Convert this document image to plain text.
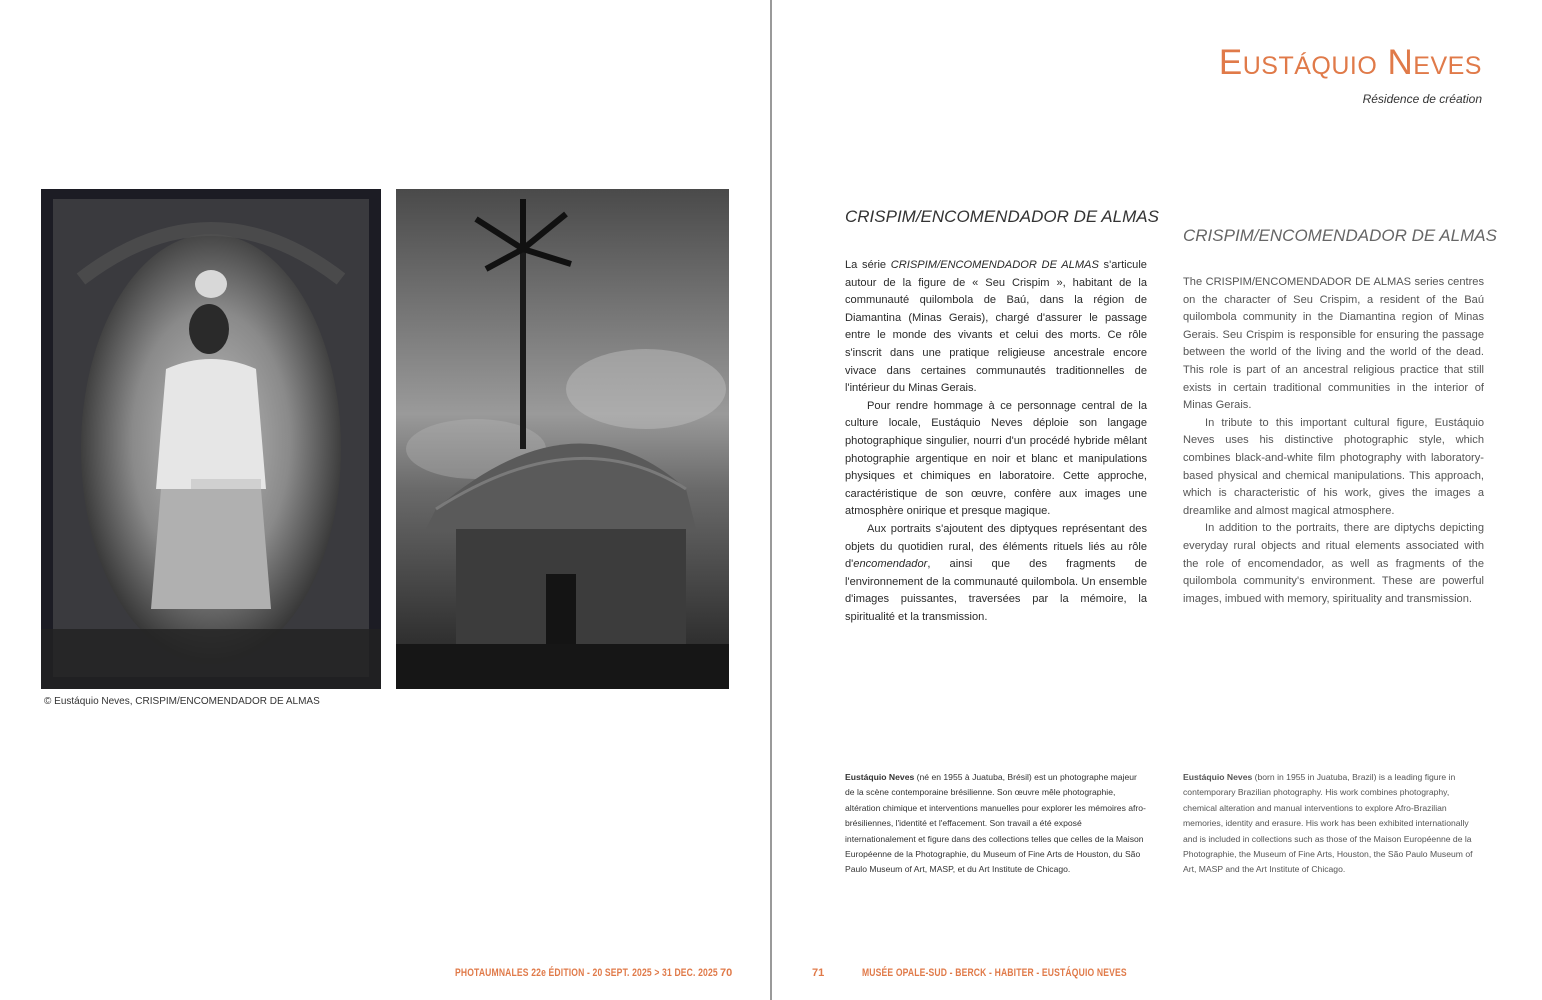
© Eustáquio Neves, CRISPIM/ENCOMENDADOR DE ALMAS
PHOTAUMNALES 22e ÉDITION - 20 SEPT. 2025 > 31 DEC. 2025 70
Eustáquio Neves
Résidence de création
CRISPIM/ENCOMENDADOR DE ALMAS
CRISPIM/ENCOMENDADOR DE ALMAS

La série CRISPIM/ENCOMENDADOR DE ALMAS s'articule autour de la figure de « Seu Crispim », habitant de la communauté quilombola de Baú, dans la région de Diamantina (Minas Gerais), chargé d'assurer le passage entre le monde des vivants et celui des morts. Ce rôle s'inscrit dans une pratique religieuse ancestrale encore vivace dans certaines communautés traditionnelles de l'intérieur du Minas Gerais.

Pour rendre hommage à ce personnage central de la culture locale, Eustáquio Neves déploie son langage photographique singulier, nourri d'un procédé hybride mêlant photographie argentique en noir et blanc et manipulations physiques et chimiques en laboratoire. Cette approche, caractéristique de son œuvre, confère aux images une atmosphère onirique et presque magique.

Aux portraits s'ajoutent des diptyques représentant des objets du quotidien rural, des éléments rituels liés au rôle d'encomendador, ainsi que des fragments de l'environnement de la communauté quilombola. Un ensemble d'images puissantes, traversées par la mémoire, la spiritualité et la transmission.

The CRISPIM/ENCOMENDADOR DE ALMAS series centres on the character of Seu Crispim, a resident of the Baú quilombola community in the Diamantina region of Minas Gerais. Seu Crispim is responsible for ensuring the passage between the world of the living and the world of the dead. This role is part of an ancestral religious practice that still exists in certain traditional communities in the interior of Minas Gerais.

In tribute to this important cultural figure, Eustáquio Neves uses his distinctive photographic style, which combines black-and-white film photography with laboratory-based physical and chemical manipulations. This approach, which is characteristic of his work, gives the images a dreamlike and almost magical atmosphere.

In addition to the portraits, there are diptychs depicting everyday rural objects and ritual elements associated with the role of encomendador, as well as fragments of the quilombola community's environment. These are powerful images, imbued with memory, spirituality and transmission.

Eustáquio Neves (né en 1955 à Juatuba, Brésil) est un photographe majeur de la scène contemporaine brésilienne. Son œuvre mêle photographie, altération chimique et interventions manuelles pour explorer les mémoires afro-brésiliennes, l'identité et l'effacement. Son travail a été exposé internationalement et figure dans des collections telles que celles de la Maison Européenne de la Photographie, du Museum of Fine Arts de Houston, du São Paulo Museum of Art, MASP, et du Art Institute de Chicago.
Eustáquio Neves (born in 1955 in Juatuba, Brazil) is a leading figure in contemporary Brazilian photography. His work combines photography, chemical alteration and manual interventions to explore Afro-Brazilian memories, identity and erasure. His work has been exhibited internationally and is included in collections such as those of the Maison Européenne de la Photographie, the Museum of Fine Arts, Houston, the São Paulo Museum of Art, MASP and the Art Institute of Chicago.
71	MUSÉE OPALE-SUD - BERCK - HABITER - EUSTÁQUIO NEVES
